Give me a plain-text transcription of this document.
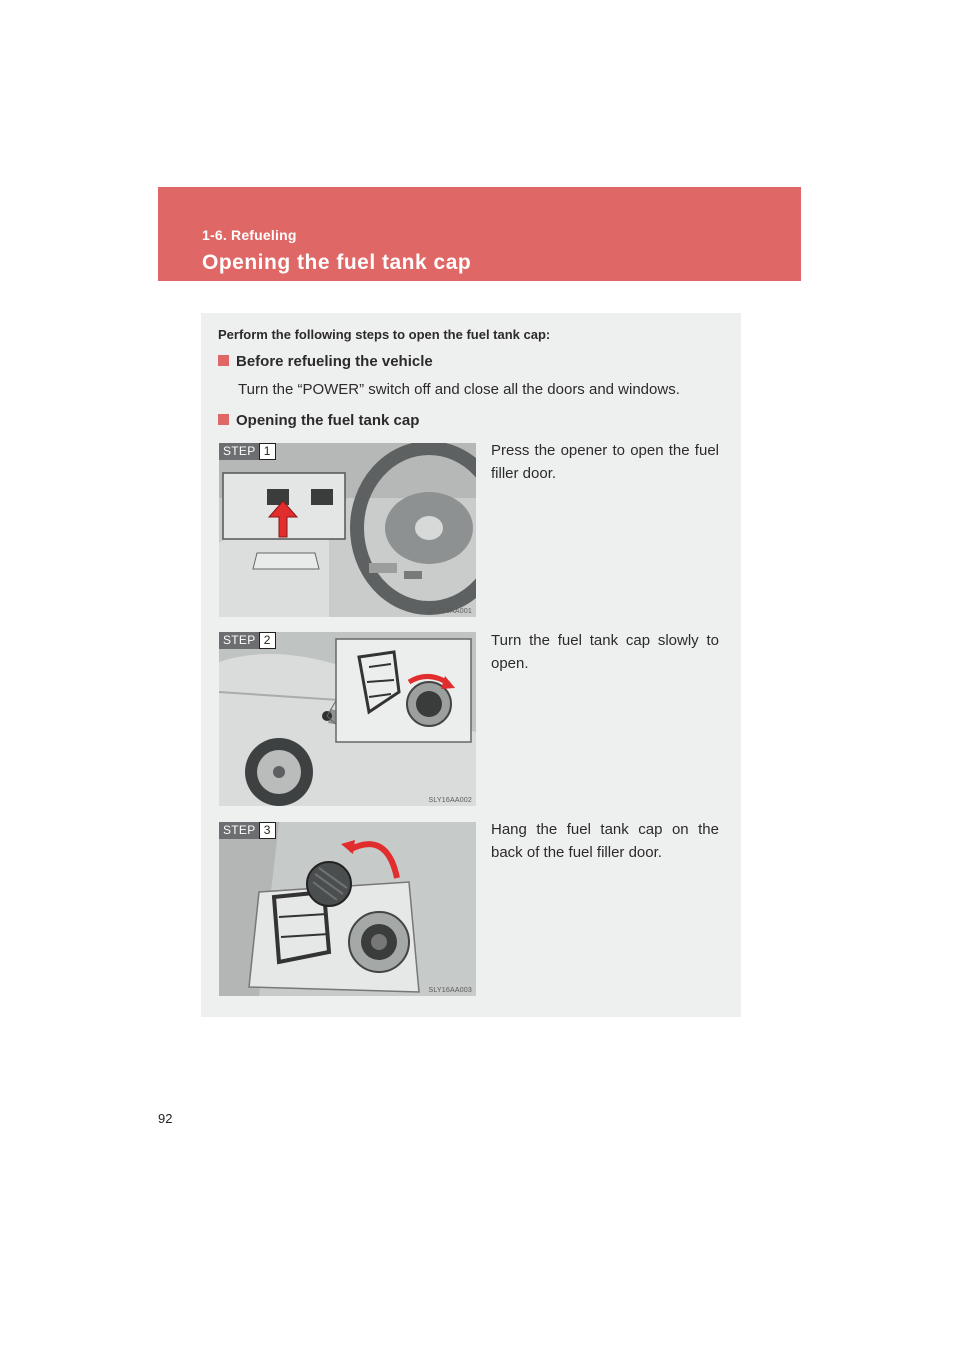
1-6. Refueling
Opening the fuel tank cap
Perform the following steps to open the fuel tank cap:
Before refueling the vehicle
Turn the “POWER” switch off and close all the doors and windows.
Opening the fuel tank cap
STEP 1
SLY16AA001
Press the opener to open the fuel filler door.
STEP 2
SLY16AA002
Turn the fuel tank cap slowly to open.
STEP 3
SLY16AA003
Hang the fuel tank cap on the back of the fuel filler door.
92
